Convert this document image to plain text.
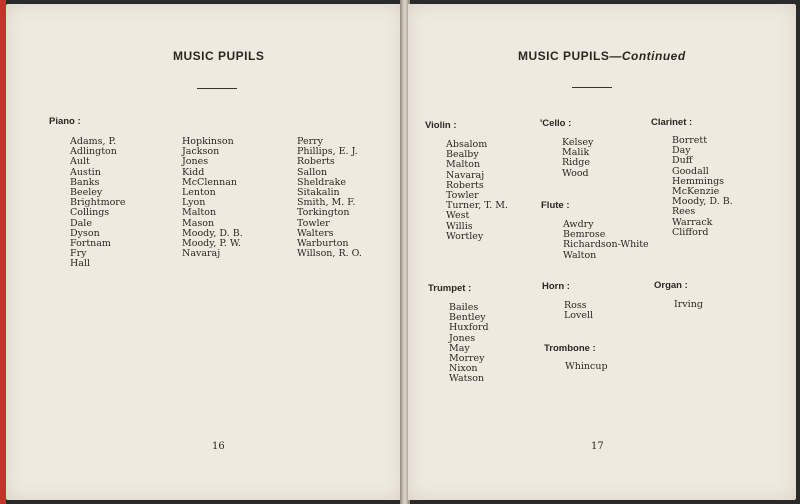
MUSIC PUPILS
Piano :
Adams, P.
Adlington
Ault
Austin
Banks
Beeley
Brightmore
Collings
Dale
Dyson
Fortnam
Fry
Hall
Hopkinson
Jackson
Jones
Kidd
McClennan
Lenton
Lyon
Malton
Mason
Moody, D. B.
Moody, P. W.
Navaraj
Perry
Phillips, E. J.
Roberts
Sallon
Sheldrake
Sitakalin
Smith, M. F.
Torkington
Towler
Walters
Warburton
Willson, R. O.
16
MUSIC PUPILS—Continued
Violin :
Absalom
Bealby
Malton
Navaraj
Roberts
Towler
Turner, T. M.
West
Willis
Wortley
'Cello :
Kelsey
Malik
Ridge
Wood
Clarinet :
Borrett
Day
Duff
Goodall
Hemmings
McKenzie
Moody, D. B.
Rees
Warrack
Clifford
Flute :
Awdry
Bemrose
Richardson-White
Walton
Trumpet :
Bailes
Bentley
Huxford
Jones
May
Morrey
Nixon
Watson
Horn :
Ross
Lovell
Organ :
Irving
Trombone :
Whincup
17
